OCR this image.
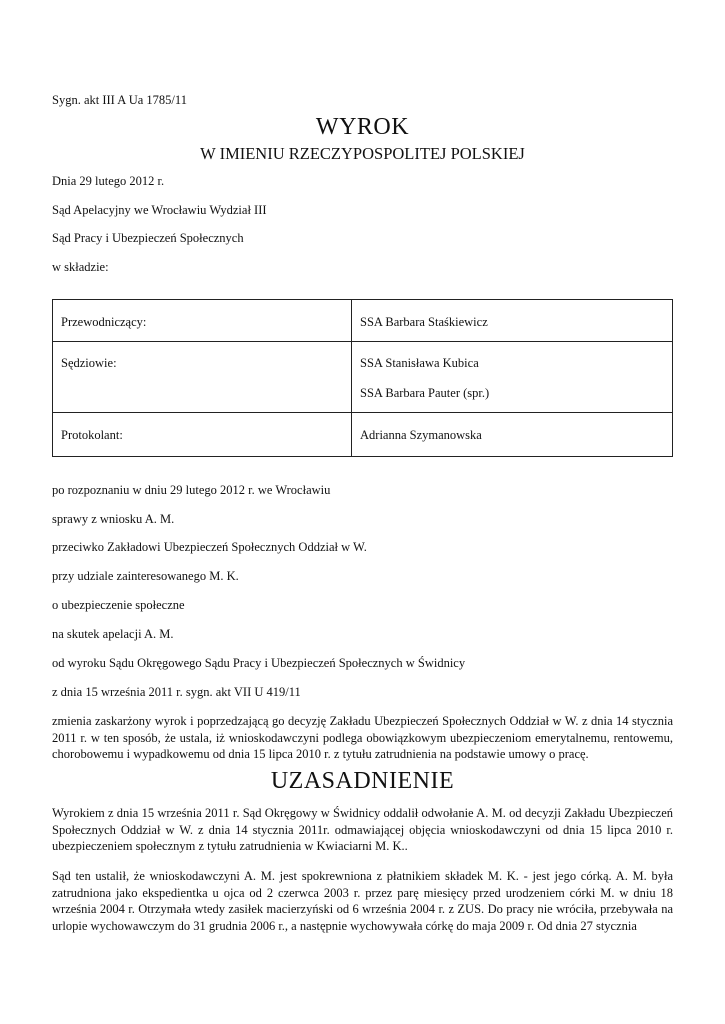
Sygn. akt III A Ua 1785/11
WYROK
W IMIENIU RZECZYPOSPOLITEJ POLSKIEJ
Dnia 29 lutego 2012 r.
Sąd Apelacyjny we Wrocławiu Wydział III
Sąd Pracy i Ubezpieczeń Społecznych
w składzie:
Przewodniczący:	SSA Barbara Staśkiewicz

Sędziowie:	SSA Stanisława Kubica
SSA Barbara Pauter (spr.)

Protokolant:	Adrianna Szymanowska
po rozpoznaniu w dniu 29 lutego 2012 r. we Wrocławiu
sprawy z wniosku A. M.
przeciwko Zakładowi Ubezpieczeń Społecznych Oddział w W.
przy udziale zainteresowanego M. K.
o ubezpieczenie społeczne
na skutek apelacji A. M.
od wyroku Sądu Okręgowego Sądu Pracy i Ubezpieczeń Społecznych w Świdnicy
z dnia 15 września 2011 r. sygn. akt VII U 419/11
zmienia zaskarżony wyrok i poprzedzającą go decyzję Zakładu Ubezpieczeń Społecznych Oddział w W. z dnia 14 stycznia 2011 r. w ten sposób, że ustala, iż wnioskodawczyni podlega obowiązkowym ubezpieczeniom emerytalnemu, rentowemu, chorobowemu i wypadkowemu od dnia 15 lipca 2010 r. z tytułu zatrudnienia na podstawie umowy o pracę.
UZASADNIENIE
Wyrokiem z dnia 15 września 2011 r. Sąd Okręgowy w Świdnicy oddalił odwołanie A. M. od decyzji Zakładu Ubezpieczeń Społecznych Oddział w W. z dnia 14 stycznia 2011r. odmawiającej objęcia wnioskodawczyni od dnia 15 lipca 2010 r. ubezpieczeniem społecznym z tytułu zatrudnienia w Kwiaciarni M. K..
Sąd ten ustalił, że wnioskodawczyni A. M. jest spokrewniona z płatnikiem składek M. K. - jest jego córką. A. M. była zatrudniona jako ekspedientka u ojca od 2 czerwca 2003 r. przez parę miesięcy przed urodzeniem córki M. w dniu 18 września 2004 r. Otrzymała wtedy zasiłek macierzyński od 6 września 2004 r. z ZUS. Do pracy nie wróciła, przebywała na urlopie wychowawczym do 31 grudnia 2006 r., a następnie wychowywała córkę do maja 2009 r. Od dnia 27 stycznia
